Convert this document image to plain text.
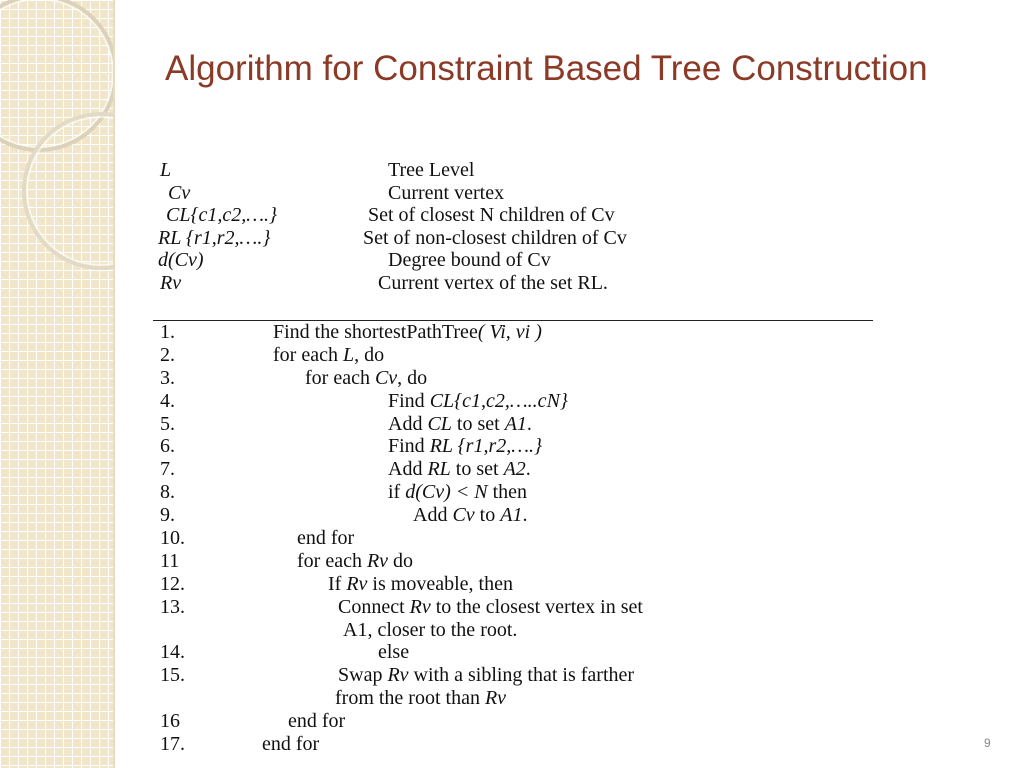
Algorithm for Constraint Based Tree Construction
L	Tree Level
Cv	Current vertex
CL{c1,c2,….}	Set of closest N children of Cv
RL {r1,r2,….}	Set of non-closest children of Cv
d(Cv)	Degree bound of Cv
Rv	Current vertex of the set RL.
1.	Find the shortestPathTree( Vi, vi )
2.	for each L, do
3.	for each Cv, do
4.	Find CL{c1,c2,…..cN}
5.	Add CL to set A1.
6.	Find RL {r1,r2,….}
7.	Add RL to set A2.
8.	if d(Cv) < N then
9.	Add Cv to A1.
10.	end for
11	for each Rv do
12.	If Rv is moveable, then
13.	Connect Rv to the closest vertex in set
A1, closer to the root.
14.	else
15.	Swap Rv with a sibling that is farther
from the root than Rv
16	end for
17.	end for	9
